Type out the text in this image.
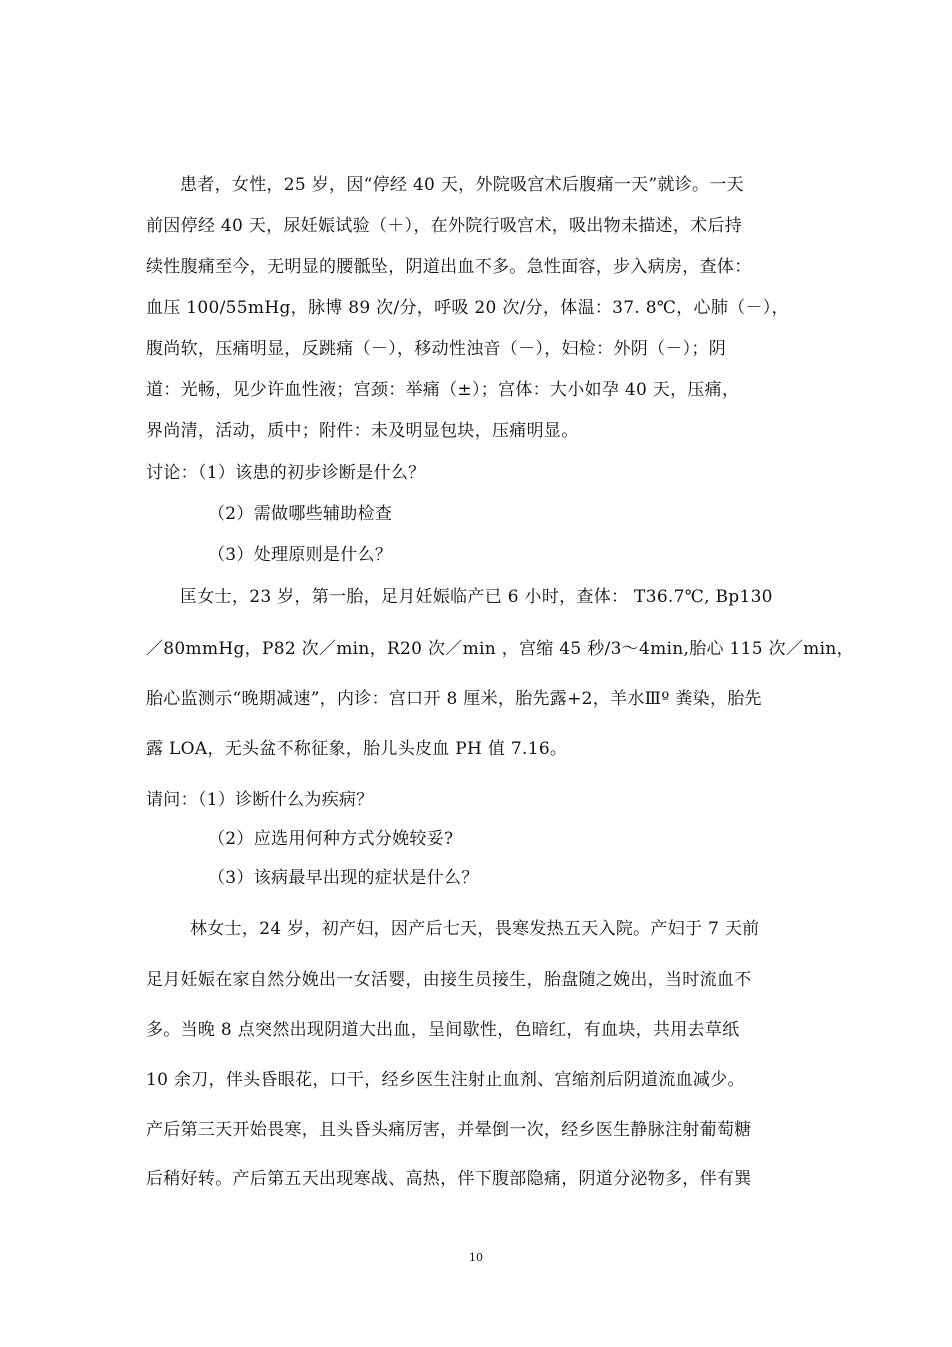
患者，女性，25 岁，因“停经 40 天，外院吸宫术后腹痛一天”就诊。一天
前因停经 40 天，尿妊娠试验（＋），在外院行吸宫术，吸出物未描述，术后持
续性腹痛至今，无明显的腰骶坠，阴道出血不多。急性面容，步入病房，查体：
血压 100/55mHg，脉博 89 次/分，呼吸 20 次/分，体温：37. 8℃，心肺（－），
腹尚软，压痛明显，反跳痛（－），移动性浊音（－），妇检：外阴（－）；阴
道：光畅，见少许血性液；宫颈：举痛（±）；宫体：大小如孕 40 天，压痛，
界尚清，活动，质中；附件：未及明显包块，压痛明显。
讨论：（1）该患的初步诊断是什么？
（2）需做哪些辅助检查
（3）处理原则是什么？
匡女士，23 岁，第一胎，足月妊娠临产已 6 小时，查体： T36.7℃, Bp130
／80mmHg，P82 次／min，R20 次／min ，宫缩 45 秒/3～4min,胎心 115 次／min，
胎心监测示“晚期减速”，内诊：宫口开 8 厘米，胎先露+2，羊水Ⅲº 粪染，胎先
露 LOA，无头盆不称征象，胎儿头皮血 PH 值 7.16。
请问：（1）诊断什么为疾病？
（2）应选用何种方式分娩较妥?
（3）该病最早出现的症状是什么？
林女士，24 岁，初产妇，因产后七天，畏寒发热五天入院。产妇于 7 天前
足月妊娠在家自然分娩出一女活婴，由接生员接生，胎盘随之娩出，当时流血不
多。当晚 8 点突然出现阴道大出血，呈间歇性，色暗红，有血块，共用去草纸
10 余刀，伴头昏眼花，口干，经乡医生注射止血剂、宫缩剂后阴道流血减少。
产后第三天开始畏寒，且头昏头痛厉害，并晕倒一次，经乡医生静脉注射葡萄糖
后稍好转。产后第五天出现寒战、高热，伴下腹部隐痛，阴道分泌物多，伴有巽
10
